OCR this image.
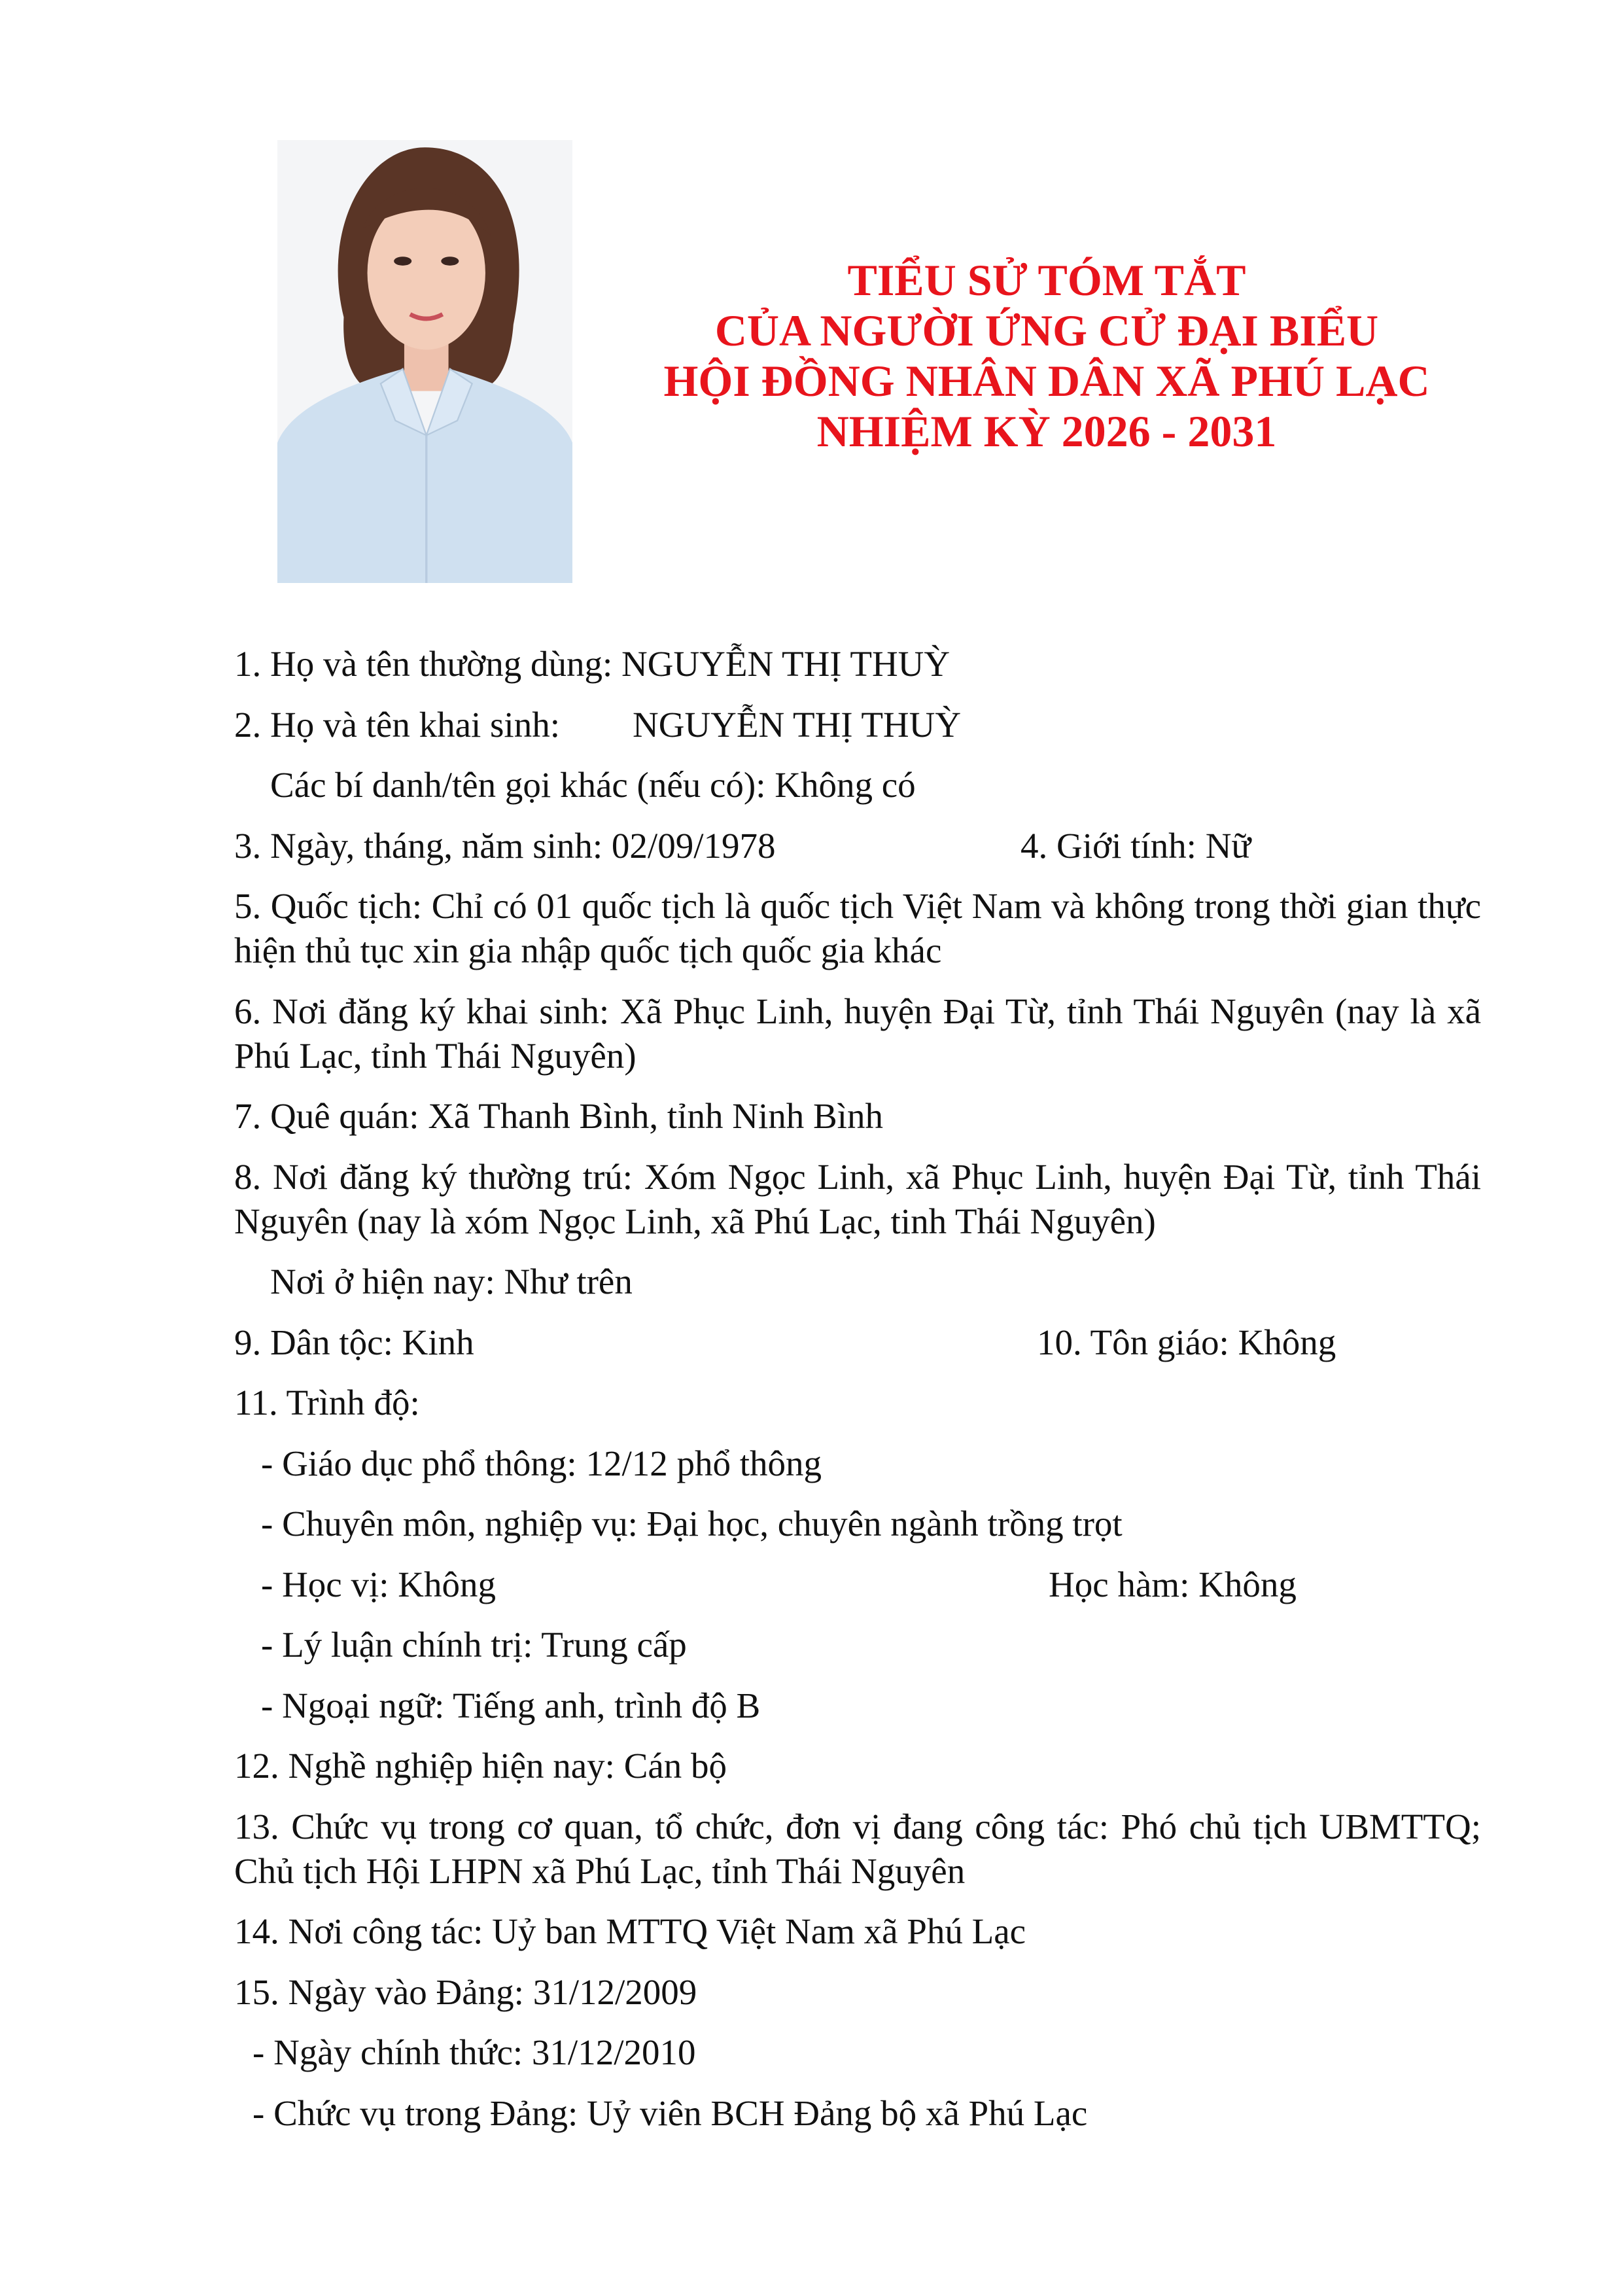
TIỂU SỬ TÓM TẮT
CỦA NGƯỜI ỨNG CỬ ĐẠI BIỂU
HỘI ĐỒNG NHÂN DÂN XÃ PHÚ LẠC
NHIỆM KỲ 2026 - 2031
1. Họ và tên thường dùng: NGUYỄN THỊ THUỲ
2. Họ và tên khai sinh: NGUYỄN THỊ THUỲ
Các bí danh/tên gọi khác (nếu có): Không có
3. Ngày, tháng, năm sinh: 02/09/1978	4. Giới tính: Nữ
5. Quốc tịch: Chỉ có 01 quốc tịch là quốc tịch Việt Nam và không trong thời gian thực hiện thủ tục xin gia nhập quốc tịch quốc gia khác
6. Nơi đăng ký khai sinh: Xã Phục Linh, huyện Đại Từ, tỉnh Thái Nguyên (nay là xã Phú Lạc, tỉnh Thái Nguyên)
7. Quê quán: Xã Thanh Bình, tỉnh Ninh Bình
8. Nơi đăng ký thường trú: Xóm Ngọc Linh, xã Phục Linh, huyện Đại Từ, tỉnh Thái Nguyên (nay là xóm Ngọc Linh, xã Phú Lạc, tinh Thái Nguyên)
Nơi ở hiện nay: Như trên
9. Dân tộc: Kinh	10. Tôn giáo: Không
11. Trình độ:
- Giáo dục phổ thông: 12/12 phổ thông
- Chuyên môn, nghiệp vụ: Đại học, chuyên ngành trồng trọt
- Học vị: Không	Học hàm: Không
- Lý luận chính trị: Trung cấp
- Ngoại ngữ: Tiếng anh, trình độ B
12. Nghề nghiệp hiện nay: Cán bộ
13. Chức vụ trong cơ quan, tổ chức, đơn vị đang công tác: Phó chủ tịch UBMTTQ; Chủ tịch Hội LHPN xã Phú Lạc, tỉnh Thái Nguyên
14. Nơi công tác: Uỷ ban MTTQ Việt Nam xã Phú Lạc
15. Ngày vào Đảng: 31/12/2009
- Ngày chính thức: 31/12/2010
- Chức vụ trong Đảng: Uỷ viên BCH Đảng bộ xã Phú Lạc
